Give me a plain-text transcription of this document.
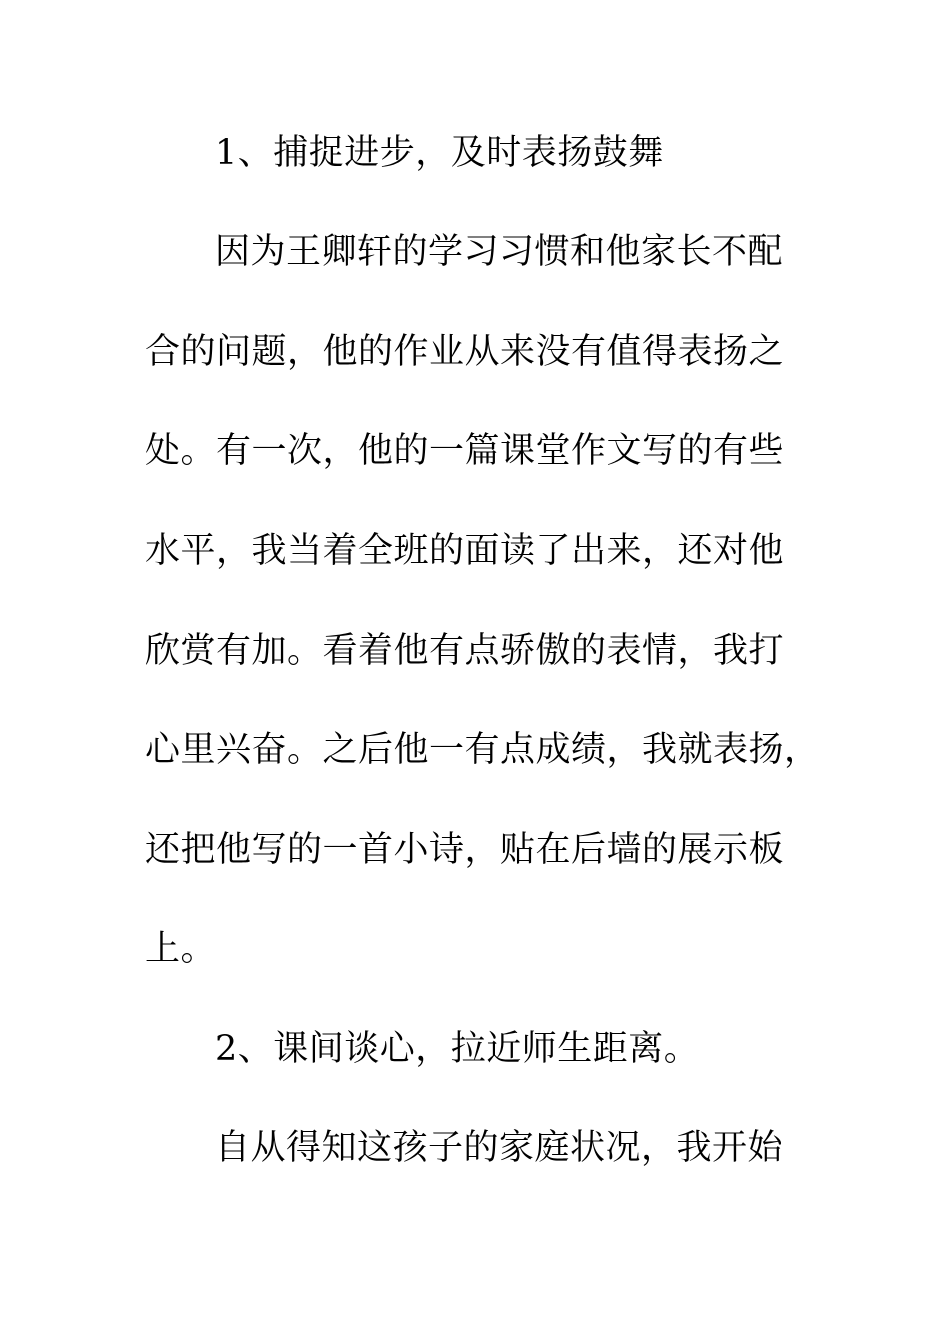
1、捕捉进步，及时表扬鼓舞
因为王卿轩的学习习惯和他家长不配
合的问题，他的作业从来没有值得表扬之
处。有一次，他的一篇课堂作文写的有些
水平，我当着全班的面读了出来，还对他
欣赏有加。看着他有点骄傲的表情，我打
心里兴奋。之后他一有点成绩，我就表扬，
还把他写的一首小诗，贴在后墙的展示板
上。
2、课间谈心，拉近师生距离。
自从得知这孩子的家庭状况，我开始
